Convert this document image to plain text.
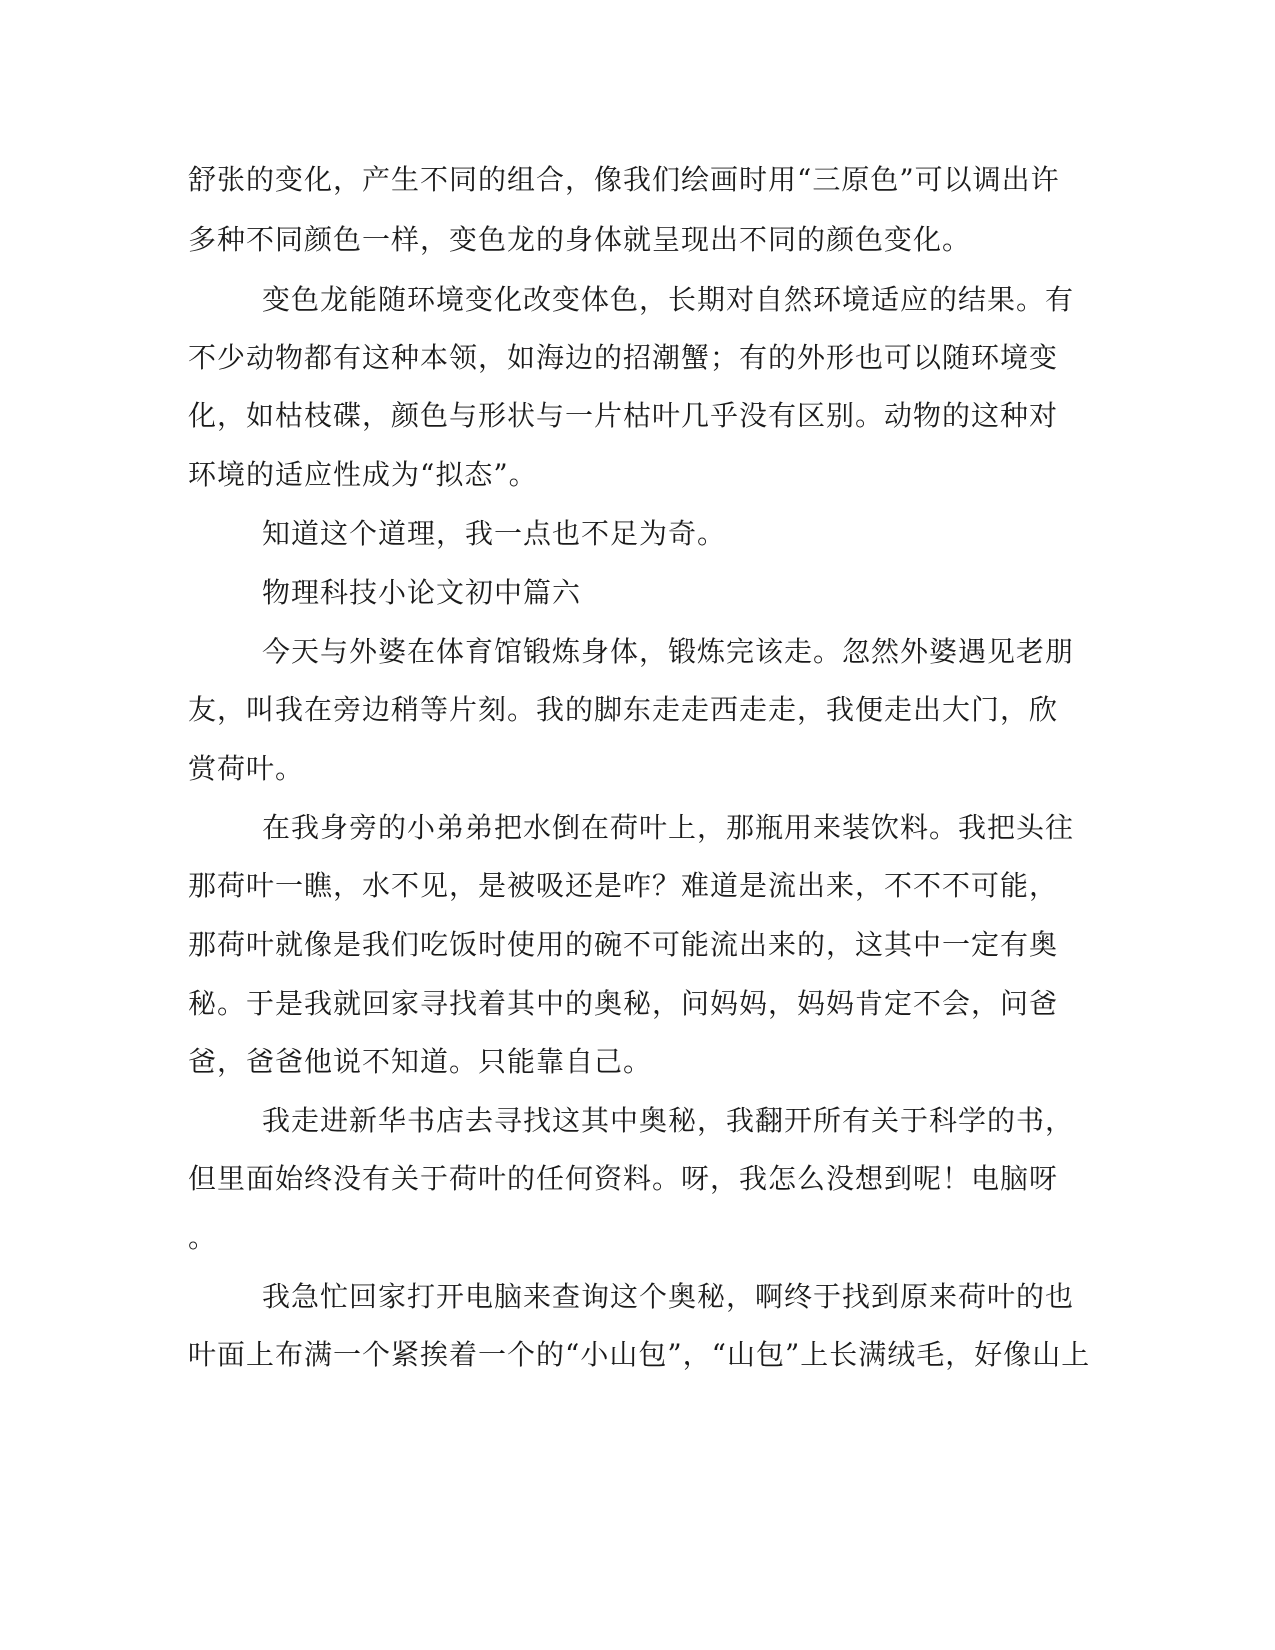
舒张的变化，产生不同的组合，像我们绘画时用“三原色”可以调出许
多种不同颜色一样，变色龙的身体就呈现出不同的颜色变化。
变色龙能随环境变化改变体色，长期对自然环境适应的结果。有
不少动物都有这种本领，如海边的招潮蟹；有的外形也可以随环境变
化，如枯枝碟，颜色与形状与一片枯叶几乎没有区别。动物的这种对
环境的适应性成为“拟态”。
知道这个道理，我一点也不足为奇。
物理科技小论文初中篇六
今天与外婆在体育馆锻炼身体，锻炼完该走。忽然外婆遇见老朋
友，叫我在旁边稍等片刻。我的脚东走走西走走，我便走出大门，欣
赏荷叶。
在我身旁的小弟弟把水倒在荷叶上，那瓶用来装饮料。我把头往
那荷叶一瞧，水不见，是被吸还是咋？难道是流出来，不不不可能，
那荷叶就像是我们吃饭时使用的碗不可能流出来的，这其中一定有奥
秘。于是我就回家寻找着其中的奥秘，问妈妈，妈妈肯定不会，问爸
爸，爸爸他说不知道。只能靠自己。
我走进新华书店去寻找这其中奥秘，我翻开所有关于科学的书，
但里面始终没有关于荷叶的任何资料。呀，我怎么没想到呢！电脑呀
。
我急忙回家打开电脑来查询这个奥秘，啊终于找到原来荷叶的也
叶面上布满一个紧挨着一个的“小山包”，“山包”上长满绒毛，好像山上
